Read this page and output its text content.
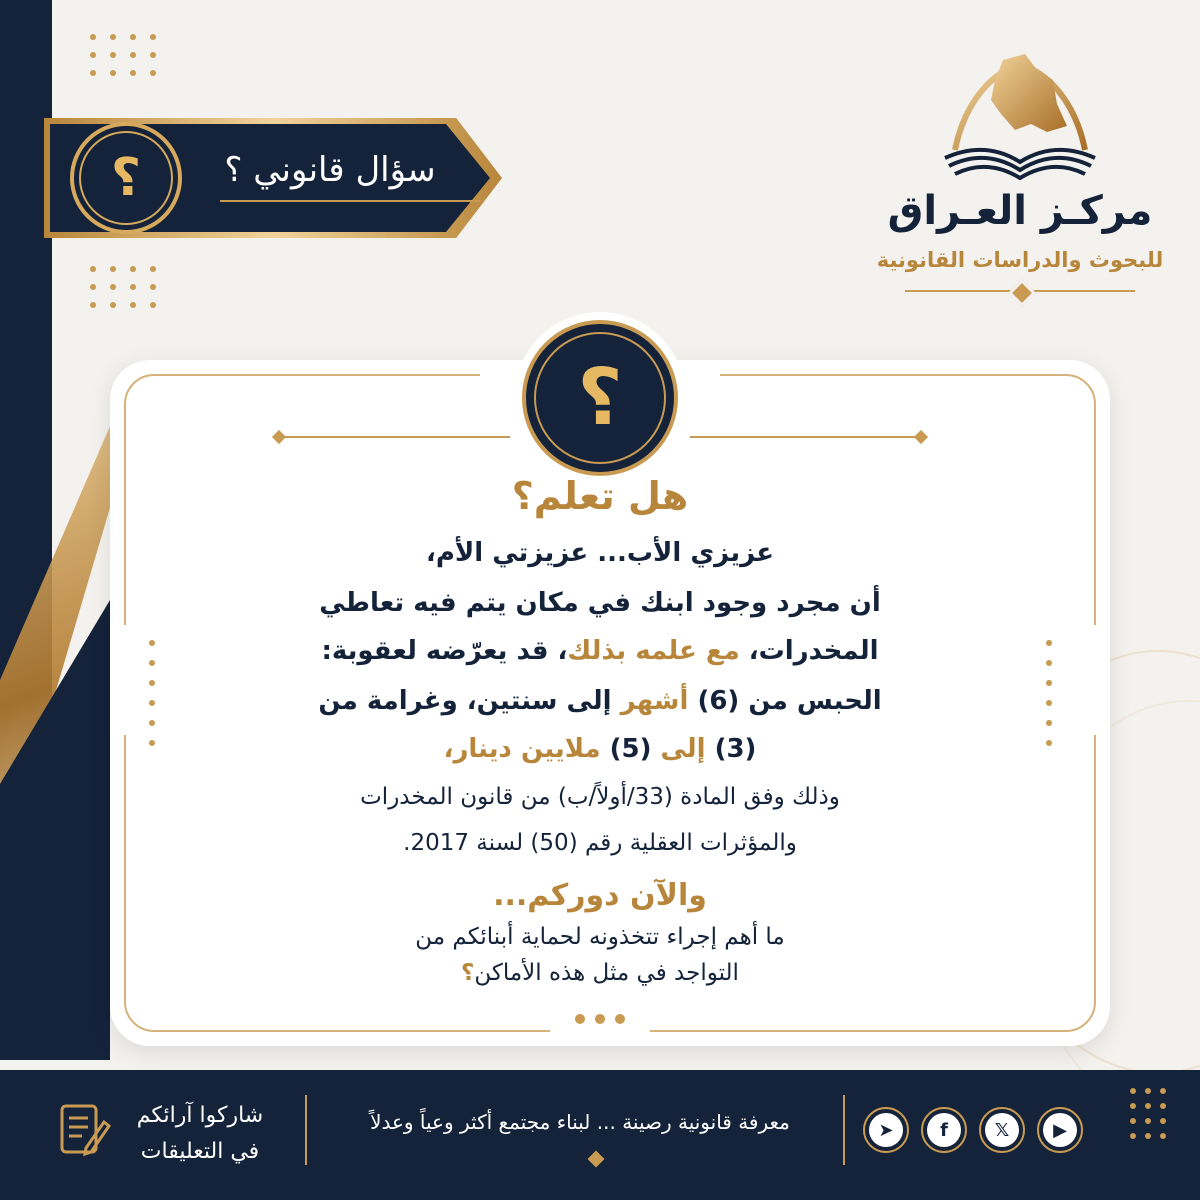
؟	سؤال قانوني ؟
مركـز العـراق
للبحوث والدراسات القانونية
؟
هل تعلم؟
عزيزي الأب... عزيزتي الأم،
أن مجرد وجود ابنك في مكان يتم فيه تعاطي
المخدرات، مع علمه بذلك، قد يعرّضه لعقوبة:
الحبس من (6) أشهر إلى سنتين، وغرامة من
(3) إلى (5) ملايين دينار،
وذلك وفق المادة (33/أولاً/ب) من قانون المخدرات
والمؤثرات العقلية رقم (50) لسنة 2017.
والآن دوركم...
ما أهم إجراء تتخذونه لحماية أبنائكم من
التواجد في مثل هذه الأماكن؟
▶
𝕏
f
➤
معرفة قانونية رصينة ... لبناء مجتمع أكثر وعياً وعدلاً
شاركوا آرائكم
في التعليقات
